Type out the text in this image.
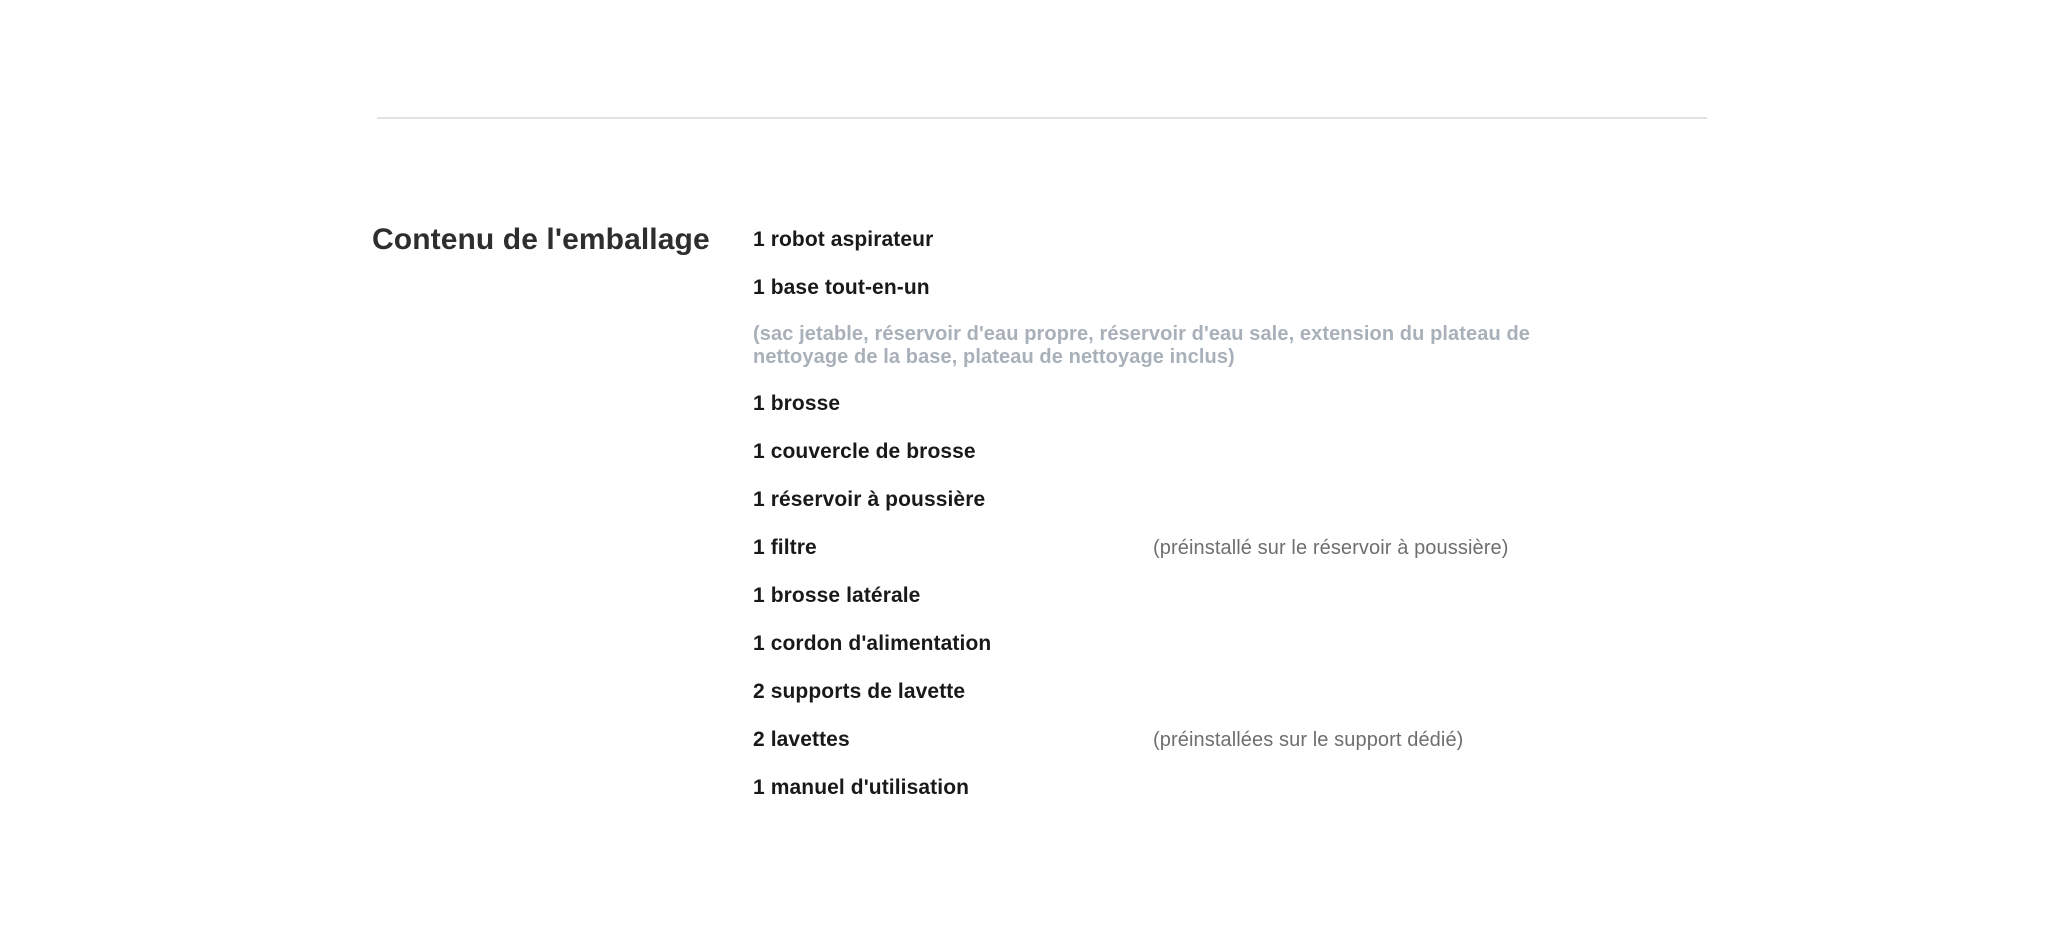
Contenu de l'emballage	1 robot aspirateur
1 base tout-en-un
(sac jetable, réservoir d'eau propre, réservoir d'eau sale, extension du plateau de nettoyage de la base, plateau de nettoyage inclus)
1 brosse
1 couvercle de brosse
1 réservoir à poussière
1 filtre	(préinstallé sur le réservoir à poussière)
1 brosse latérale
1 cordon d'alimentation
2 supports de lavette
2 lavettes	(préinstallées sur le support dédié)
1 manuel d'utilisation
